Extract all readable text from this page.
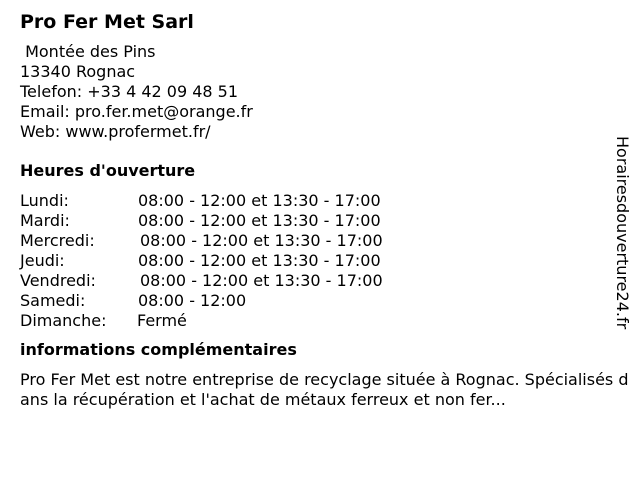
Pro Fer Met Sarl
Montée des Pins
13340 Rognac
Telefon: +33 4 42 09 48 51
Email: pro.fer.met@orange.fr
Web: www.profermet.fr/
Heures d'ouverture
Lundi:	08:00 - 12:00 et 13:30 - 17:00
Mardi:	08:00 - 12:00 et 13:30 - 17:00
Mercredi:	08:00 - 12:00 et 13:30 - 17:00
Jeudi:	08:00 - 12:00 et 13:30 - 17:00
Vendredi:	08:00 - 12:00 et 13:30 - 17:00
Samedi:	08:00 - 12:00
Dimanche: Fermé
informations complémentaires
Pro Fer Met est notre entreprise de recyclage située à Rognac. Spécialisés dans la récupération et l'achat de métaux ferreux et non fer...
Horairesdouverture24.fr
